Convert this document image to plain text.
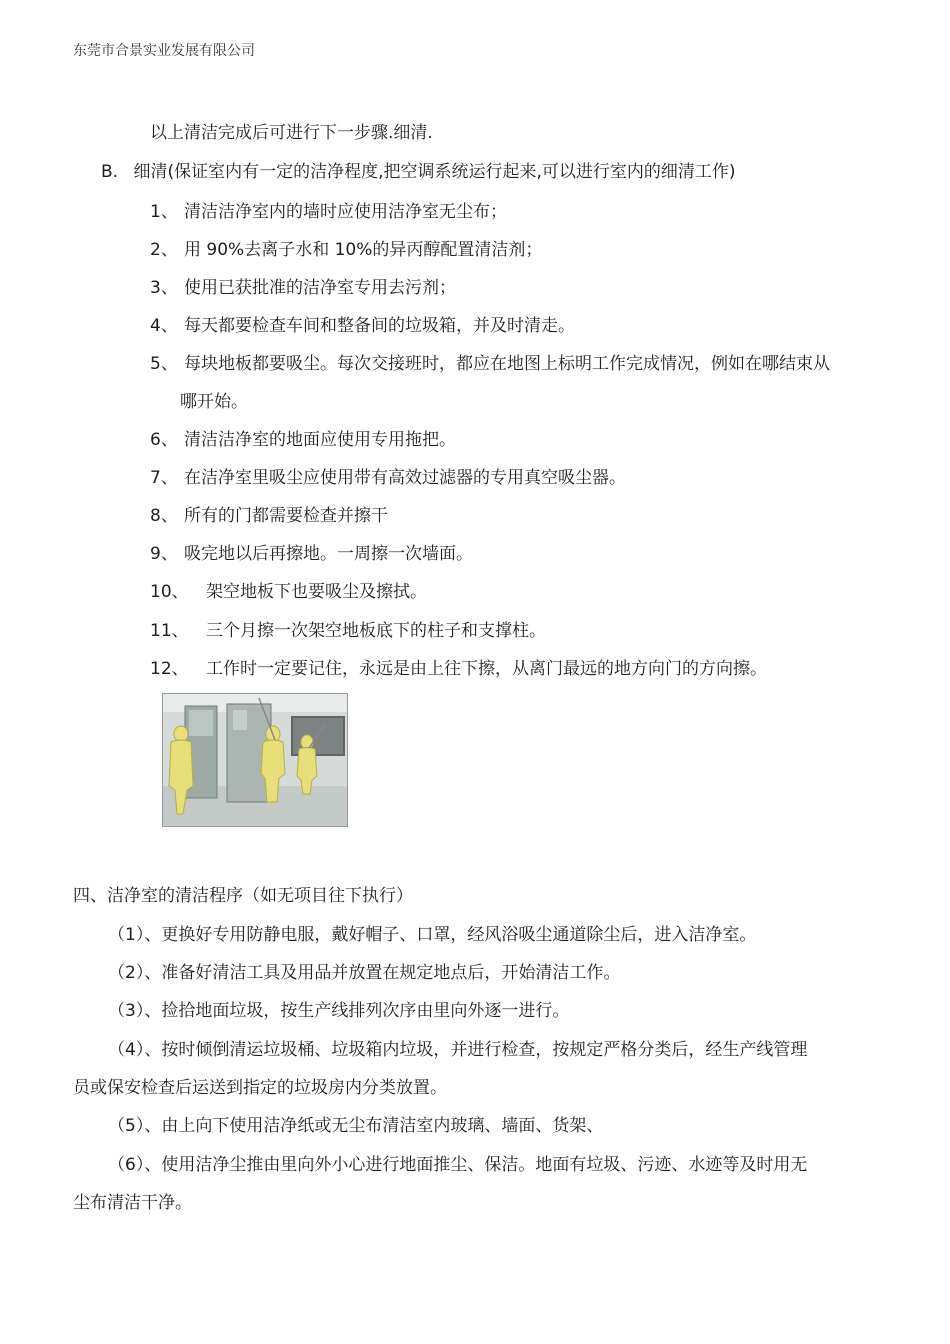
东莞市合景实业发展有限公司
以上清洁完成后可进行下一步骤.细清.
B. 细清(保证室内有一定的洁净程度,把空调系统运行起来,可以进行室内的细清工作)
1、 清洁洁净室内的墙时应使用洁净室无尘布；
2、 用 90%去离子水和 10%的异丙醇配置清洁剂；
3、 使用已获批准的洁净室专用去污剂；
4、 每天都要检查车间和整备间的垃圾箱，并及时清走。
5、 每块地板都要吸尘。每次交接班时，都应在地图上标明工作完成情况，例如在哪结束从
哪开始。
6、 清洁洁净室的地面应使用专用拖把。
7、 在洁净室里吸尘应使用带有高效过滤器的专用真空吸尘器。
8、 所有的门都需要检查并擦干
9、 吸完地以后再擦地。一周擦一次墙面。
10、 架空地板下也要吸尘及擦拭。
11、 三个月擦一次架空地板底下的柱子和支撑柱。
12、 工作时一定要记住，永远是由上往下擦，从离门最远的地方向门的方向擦。
四、洁净室的清洁程序（如无项目往下执行）
（1）、更换好专用防静电服，戴好帽子、口罩，经风浴吸尘通道除尘后，进入洁净室。
（2）、准备好清洁工具及用品并放置在规定地点后，开始清洁工作。
（3）、捡拾地面垃圾，按生产线排列次序由里向外逐一进行。
（4）、按时倾倒清运垃圾桶、垃圾箱内垃圾，并进行检查，按规定严格分类后，经生产线管理
员或保安检查后运送到指定的垃圾房内分类放置。
（5）、由上向下使用洁净纸或无尘布清洁室内玻璃、墙面、货架、
（6）、使用洁净尘推由里向外小心进行地面推尘、保洁。地面有垃圾、污迹、水迹等及时用无
尘布清洁干净。
